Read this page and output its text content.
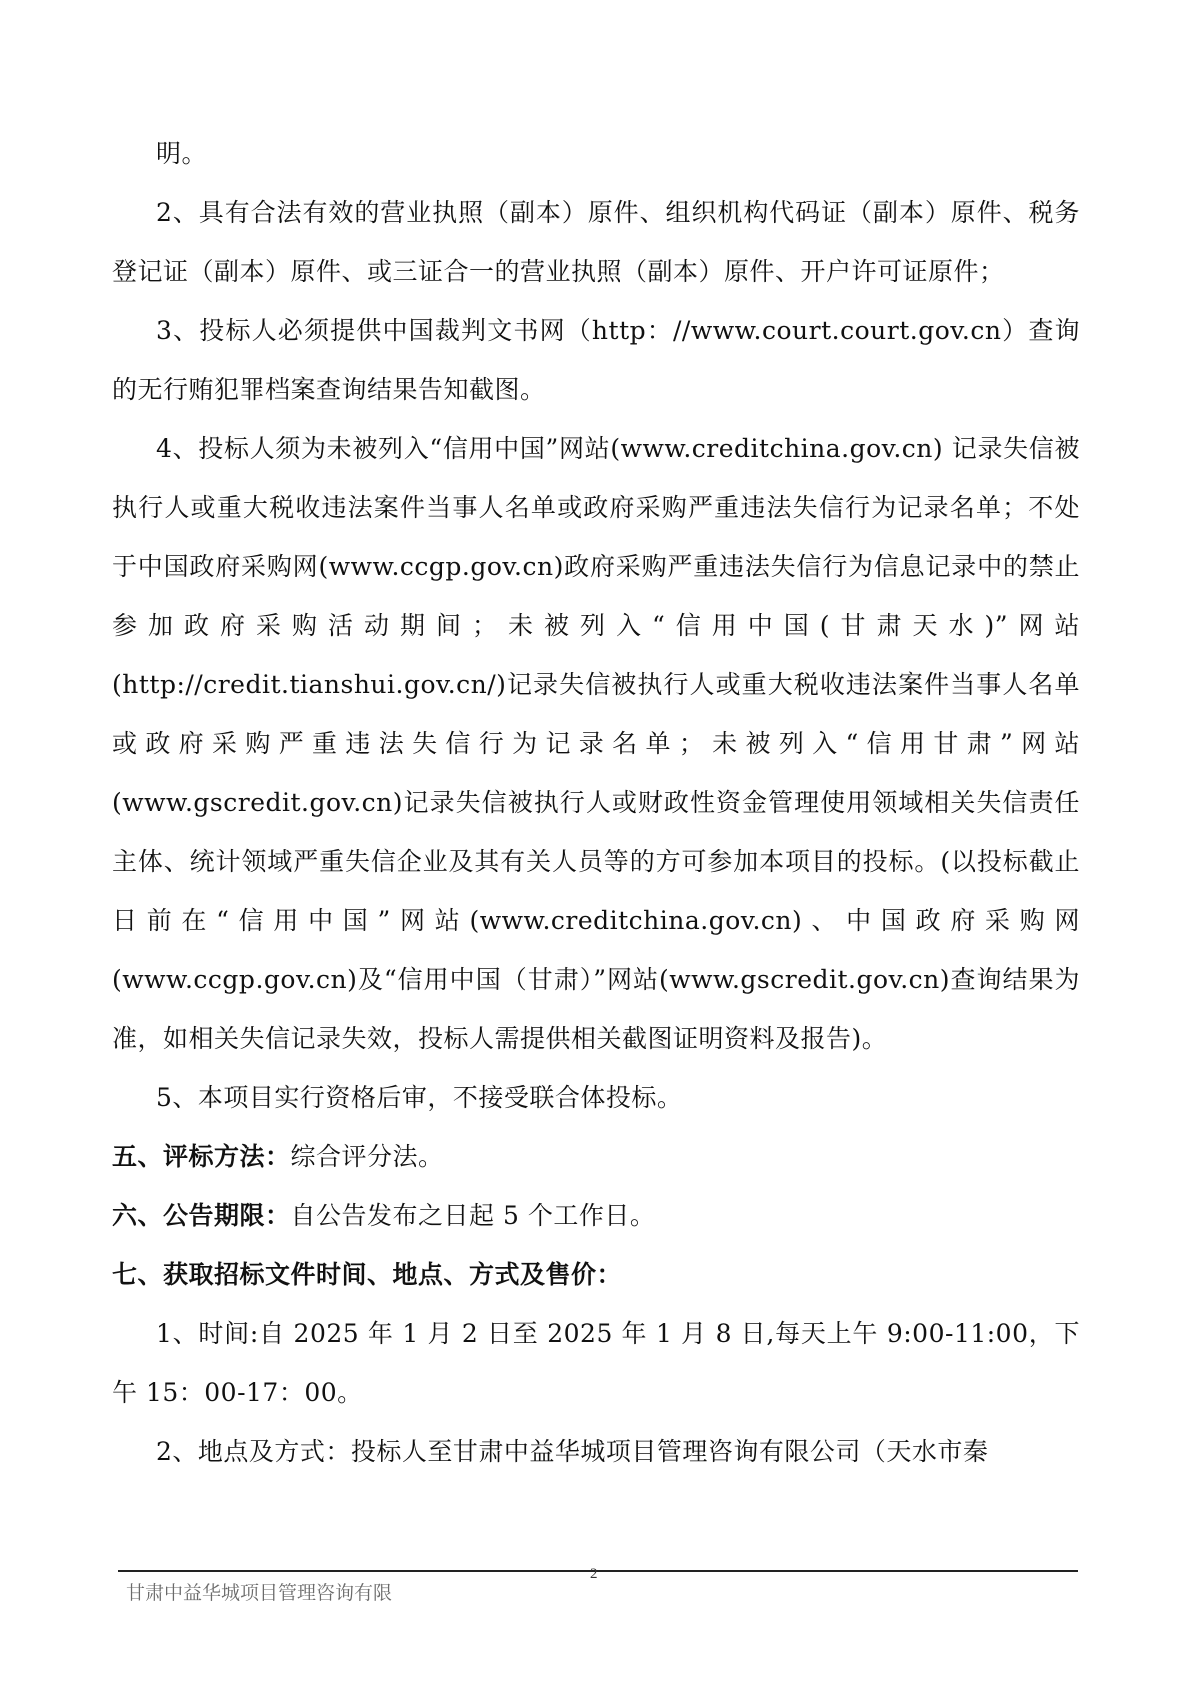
明。

2、具有合法有效的营业执照（副本）原件、组织机构代码证（副本）原件、税务登记证（副本）原件、或三证合一的营业执照（副本）原件、开户许可证原件；

3、投标人必须提供中国裁判文书网（http：//www.court.court.gov.cn）查询的无行贿犯罪档案查询结果告知截图。

4、投标人须为未被列入“信用中国”网站(www.creditchina.gov.cn) 记录失信被执行人或重大税收违法案件当事人名单或政府采购严重违法失信行为记录名单；不处于中国政府采购网(www.ccgp.gov.cn)政府采购严重违法失信行为信息记录中的禁止参加政府采购活动期间；未被列入“信用中国(甘肃天水)”网站(http://credit.tianshui.gov.cn/)记录失信被执行人或重大税收违法案件当事人名单或政府采购严重违法失信行为记录名单；未被列入“信用甘肃”网站(www.gscredit.gov.cn)记录失信被执行人或财政性资金管理使用领域相关失信责任主体、统计领域严重失信企业及其有关人员等的方可参加本项目的投标。(以投标截止日前在“信用中国”网站(www.creditchina.gov.cn)、中国政府采购网(www.ccgp.gov.cn)及“信用中国（甘肃）”网站(www.gscredit.gov.cn)查询结果为准，如相关失信记录失效，投标人需提供相关截图证明资料及报告)。

5、本项目实行资格后审，不接受联合体投标。

五、评标方法：综合评分法。

六、公告期限：自公告发布之日起 5 个工作日。

七、获取招标文件时间、地点、方式及售价：

1、时间:自 2025 年 1 月 2 日至 2025 年 1 月 8 日,每天上午 9:00-11:00，下午 15：00-17：00。

2、地点及方式：投标人至甘肃中益华城项目管理咨询有限公司（天水市秦

甘肃中益华城项目管理咨询有限
2
